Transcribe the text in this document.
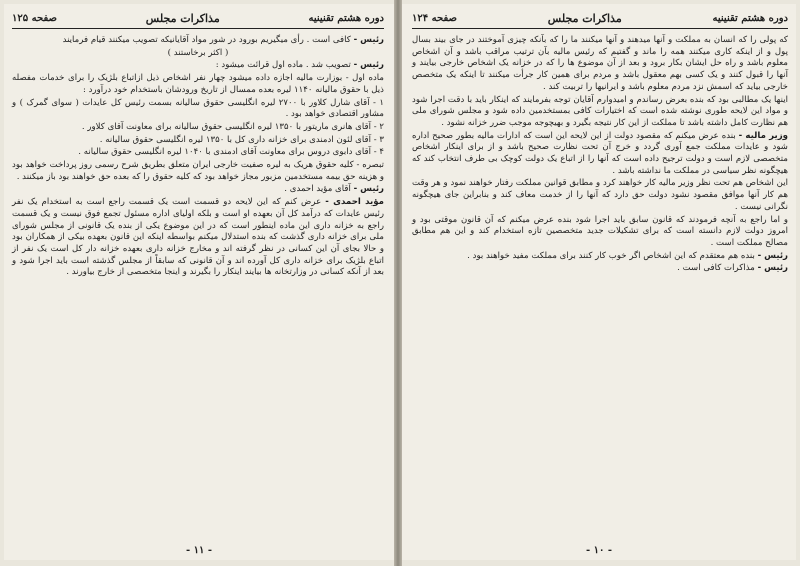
دوره هشتم تقنینیه
مذاکرات مجلس
صفحه ۱۲۴

که پولی را که انسان به مملکت و آنها میدهند و آنها میکنند ما را که بآنکه چیزی آموختند در جای بیند بسال پول و از اینکه کاری میکنند همه را ماند و گفتیم که رئیس مالیه بآن ترتیب مراقب باشد و آن اشخاص معلوم باشد و راه حل ایشان بکار برود و بعد از آن موضوع ها را که در خزانه یک اشخاص خارجی بیایند و آنها را قبول کنند و یک کسی بهم معقول باشد و مردم برای همین کار جرأت میکنند تا اینکه یک متخصص خارجی بیاید که اسمش نزد مردم معلوم باشد و ایرانیها را تربیت کند .

اینها یک مطالبی بود که بنده بعرض رساندم و امیدوارم آقایان توجه بفرمایند که اینکار باید با دقت اجرا شود و مواد این لایحه طوری نوشته شده است که اختیارات کافی بمستخدمین داده شود و مجلس شورای ملی هم نظارت کامل داشته باشد تا مملکت از این کار نتیجه بگیرد و بهیچوجه موجب ضرر خزانه نشود .

وزیر مالیه - بنده عرض میکنم که مقصود دولت از این لایحه این است که ادارات مالیه بطور صحیح اداره شود و عایدات مملکت جمع آوری گردد و خرج آن تحت نظارت صحیح باشد و از برای اینکار اشخاص متخصصی لازم است و دولت ترجیح داده است که آنها را از اتباع یک دولت کوچک بی طرف انتخاب کند که هیچگونه نظر سیاسی در مملکت ما نداشته باشد .

این اشخاص هم تحت نظر وزیر مالیه کار خواهند کرد و مطابق قوانین مملکت رفتار خواهند نمود و هر وقت هم کار آنها موافق مقصود نشود دولت حق دارد که آنها را از خدمت معاف کند و بنابراین جای هیچگونه نگرانی نیست .

و اما راجع به آنچه فرمودند که قانون سابق باید اجرا شود بنده عرض میکنم که آن قانون موقتی بود و امروز دولت لازم دانسته است که برای تشکیلات جدید متخصصین تازه استخدام کند و این هم مطابق مصالح مملکت است .

رئیس - بنده هم معتقدم که این اشخاص اگر خوب کار کنند برای مملکت مفید خواهند بود .

رئیس - مذاکرات کافی است .

- ۱۰ -
دوره هشتم تقنینیه
مذاکرات مجلس
صفحه ۱۲۵

رئیس - کافی است . رأی میگیریم بورود در شور مواد آقایانیکه تصویب میکنند قیام فرمایند

( اکثر برخاستند )

رئیس - تصویب شد . ماده اول قرائت میشود :

ماده اول - بوزارت مالیه اجازه داده میشود چهار نفر اشخاص ذیل ازاتباع بلژیک را برای خدمات مفصله ذیل با حقوق مالیانه ۱۱۴۰ لیره بعده ممسال از تاریخ ورودشان باستخدام خود درآورد :

۱ - آقای شارل کلاور با ۲۷۰۰ لیره انگلیسی حقوق سالیانه بسمت رئیس کل عایدات ( سوای گمرک ) و مشاور اقتصادی خواهد بود .

۲ - آقای هانری ماریتور با ۱۳۵۰ لیره انگلیسی حقوق سالیانه برای معاونت آقای کلاور .

۳ - آقای لئون ادمندی برای خزانه داری کل با ۱۳۵۰ لیره انگلیسی حقوق سالیانه .

۴ - آقای دابوی دروس برای معاونت آقای ادمندی با ۱۰۴۰ لیره انگلیسی حقوق سالیانه .

تبصره - کلیه حقوق هریک به لیره صفیت خارجی ایران متعلق بطریق شرح رسمی روز پرداخت خواهد بود و هزینه حق بیمه مستخدمین مزبور مجاز خواهد بود که کلیه حقوق را که بعده حق خواهند بود باز میکنند .

رئیس - آقای مؤید احمدی .

مؤید احمدی - عرض کنم که این لایحه دو قسمت است یک قسمت راجع است به استخدام یک نفر رئیس عایدات که درآمد کل آن بعهده او است و بلکه اولیای اداره مسئول تجمع فوق نیست و یک قسمت راجع به خزانه داری این ماده اینطور است که در این موضوع یکی از بنده یک قانونی از مجلس شورای ملی برای خزانه داری گذشت که بنده استدلال میکنم بواسطه اینکه این قانون بعهده بیکی از همکاران بود و حالا بجای آن این کسانی در نظر گرفته اند و مخارج خزانه داری بعهده خزانه دار کل است یک نفر از اتباع بلژیک برای خزانه داری کل آورده اند و آن قانونی که سابقاً از مجلس گذشته است باید اجرا شود و بعد از آنکه کسانی در وزارتخانه ها بیایند اینکار را بگیرند و اینجا متخصصی از خارج بیاورند .

- ۱۱ -
